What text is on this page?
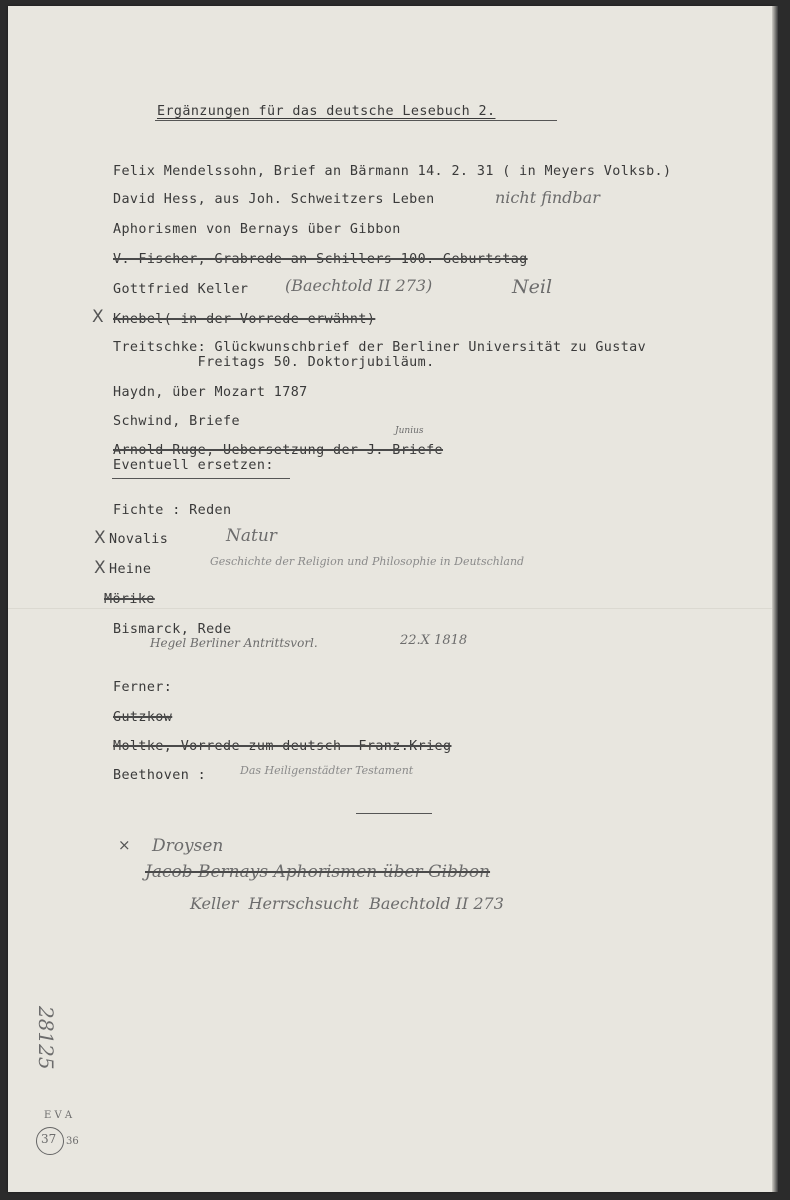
Ergänzungen für das deutsche Lesebuch 2.
Felix Mendelssohn, Brief an Bärmann 14. 2. 31 ( in Meyers Volksb.)
David Hess, aus Joh. Schweitzers Leben	nicht findbar
Aphorismen von Bernays über Gibbon
V. Fischer, Grabrede an Schillers 100. Geburtstag
Gottfried Keller (Baechtold II 273)	Neil
X Knebel( in der Vorrede erwähnt)
Treitschke: Glückwunschbrief der Berliner Universität zu Gustav
Freitags 50. Doktorjubiläum.
Haydn, über Mozart 1787
Schwind, Briefe
Junius
Arnold Ruge, Uebersetzung der J. Briefe
Eventuell ersetzen:
Fichte : Reden
X Novalis	Natur
X Heine
Geschichte der Religion und Philosophie in Deutschland
Mörike
Bismarck, Rede
Hegel Berliner Antrittsvorl.	22.X 1818
Ferner:
Gutzkow
Moltke, Vorrede zum deutsch- Franz.Krieg
Beethoven :	Das Heiligenstädter Testament
× Droysen
Jacob Bernays Aphorismen über Gibbon
Keller  Herrschsucht  Baechtold II 273
28125
E V A
37 36
